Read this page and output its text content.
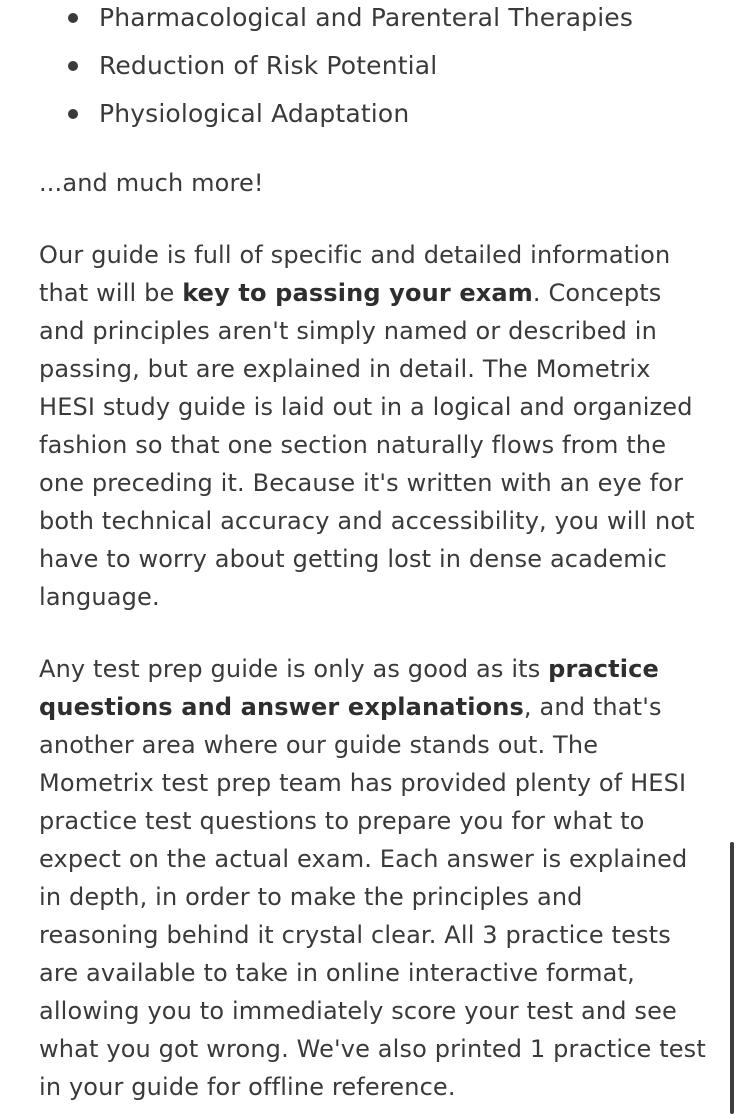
Pharmacological and Parenteral Therapies
Reduction of Risk Potential
Physiological Adaptation

...and much more!

Our guide is full of specific and detailed information that will be key to passing your exam. Concepts and principles aren't simply named or described in passing, but are explained in detail. The Mometrix HESI study guide is laid out in a logical and organized fashion so that one section naturally flows from the one preceding it. Because it's written with an eye for both technical accuracy and accessibility, you will not have to worry about getting lost in dense academic language.

Any test prep guide is only as good as its practice questions and answer explanations, and that's another area where our guide stands out. The Mometrix test prep team has provided plenty of HESI practice test questions to prepare you for what to expect on the actual exam. Each answer is explained in depth, in order to make the principles and reasoning behind it crystal clear. All 3 practice tests are available to take in online interactive format, allowing you to immediately score your test and see what you got wrong. We've also printed 1 practice test in your guide for offline reference.
